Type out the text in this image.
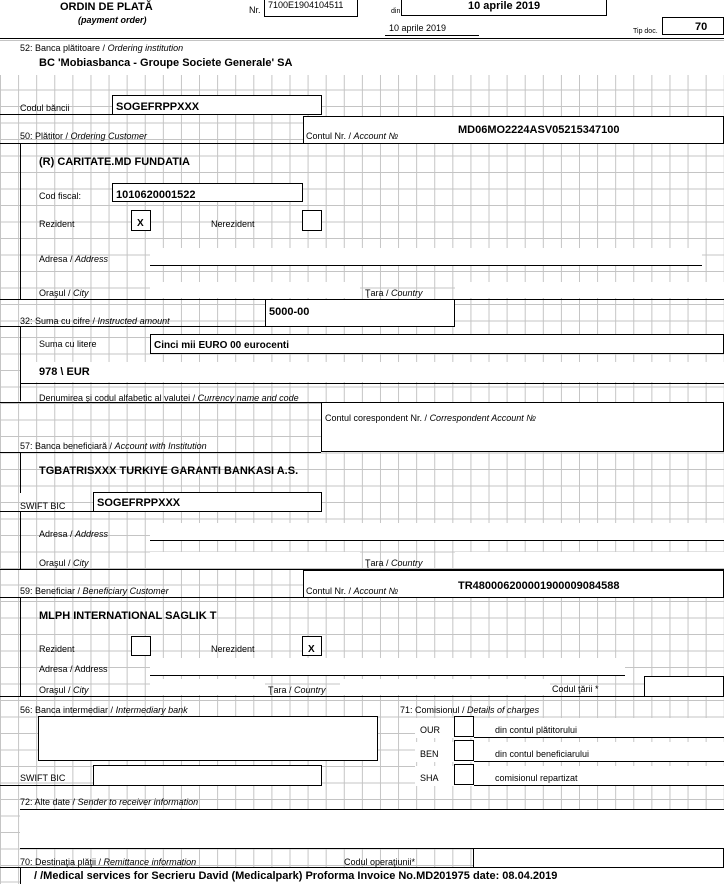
ORDIN DE PLATĂ
(payment order)
Nr. 7100E1904104511
din	10 aprile 2019
10 aprile 2019	Tip doc.	70
52: Banca plătitoare / Ordering institution
BC 'Mobiasbanca - Groupe Societe Generale' SA
Codul băncii	SOGEFRPPXXX
50: Plătitor / Ordering Customer	Contul Nr. / Account №	MD06MO2224ASV05215347100
(R) CARITATE.MD FUNDATIA
Cod fiscal:	1010620001522
Rezident	X	Nerezident
Adresa / Address
Oraşul / City	Ţara / Country
32: Suma cu cifre / Instructed amount
5000-00
Suma cu litere	Cinci mii EURO 00 eurocenti
978 \ EUR
Denumirea şi codul alfabetic al valutei / Currency name and code
Contul corespondent Nr. / Correspondent Account №
57: Banca beneficiară / Account with Institution
TGBATRISXXX TURKIYE GARANTI BANKASI A.S.
SWIFT BIC	SOGEFRPPXXX
Adresa / Address
Oraşul / City	Ţara / Country
59: Beneficiar / Beneficiary Customer	Contul Nr. / Account №	TR480006200001900009084588
MLPH INTERNATIONAL SAGLIK T
Rezident	Nerezident	X
Adresa / Address
Oraşul / City	Ţara / Country	Codul ţării *
56: Banca intermediar / Intermediary bank
SWIFT BIC
71: Comisionul / Details of charges
OUR	din contul plătitorului
BEN	din contul beneficiarului
SHA	comisionul repartizat
72: Alte date / Sender to receiver information
70: Destinaţia plăţii / Remittance information	Codul operaţiunii*
/ /Medical services for Secrieru David (Medicalpark) Proforma Invoice No.MD201975 date: 08.04.2019
